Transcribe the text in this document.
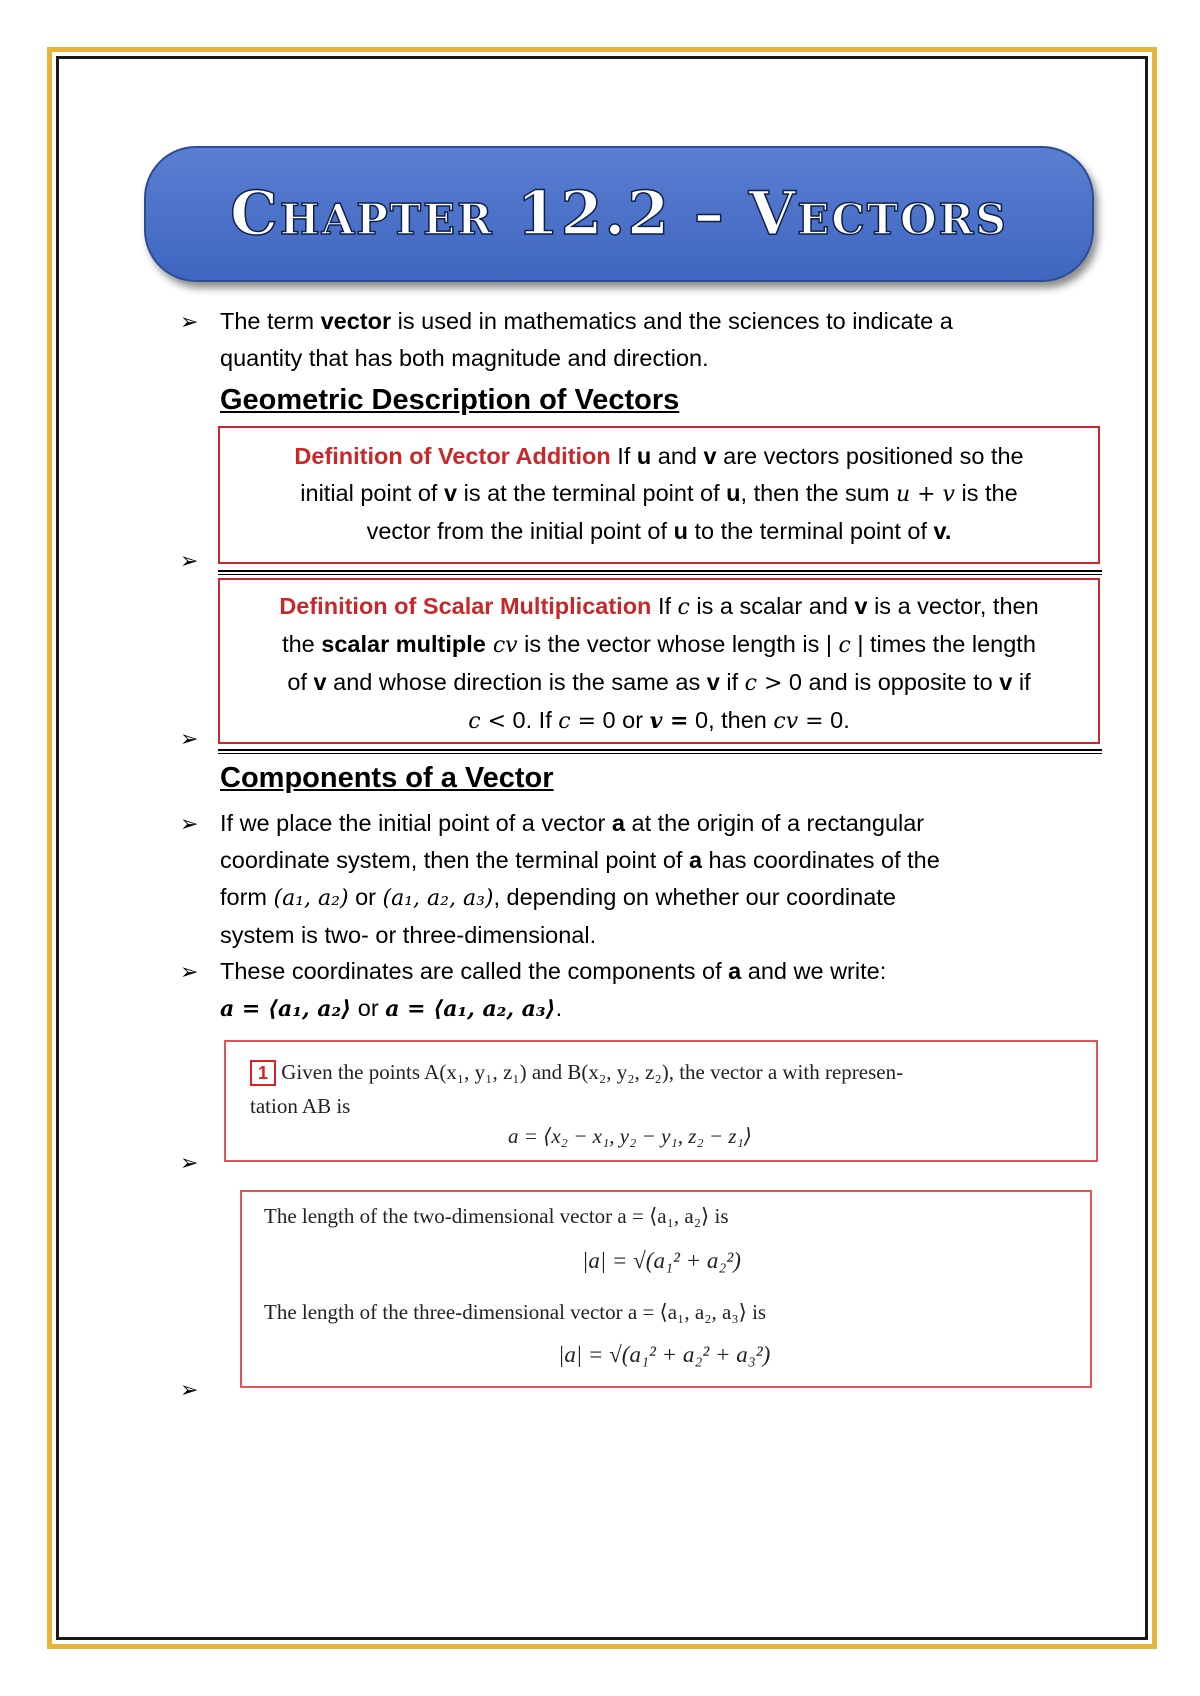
Chapter 12.2 – Vectors
➢ The term vector is used in mathematics and the sciences to indicate a
quantity that has both magnitude and direction.
Geometric Description of Vectors
Definition of Vector Addition If u and v are vectors positioned so the
initial point of v is at the terminal point of u, then the sum u + v is the
vector from the initial point of u to the terminal point of v.
➢
Definition of Scalar Multiplication If c is a scalar and v is a vector, then
the scalar multiple cv is the vector whose length is | c | times the length
of v and whose direction is the same as v if c > 0 and is opposite to v if
c < 0. If c = 0 or v = 0, then cv = 0.
➢
Components of a Vector
➢ If we place the initial point of a vector a at the origin of a rectangular
coordinate system, then the terminal point of a has coordinates of the
form (a₁, a₂) or (a₁, a₂, a₃), depending on whether our coordinate
system is two- or three-dimensional.
➢ These coordinates are called the components of a and we write:
a = ⟨a₁, a₂⟩ or a = ⟨a₁, a₂, a₃⟩.
1 Given the points A(x₁, y₁, z₁) and B(x₂, y₂, z₂), the vector a with represen-
tation AB is
a = ⟨x₂ − x₁, y₂ − y₁, z₂ − z₁⟩
➢
The length of the two-dimensional vector a = ⟨a₁, a₂⟩ is
|a| = √(a₁² + a₂²)
The length of the three-dimensional vector a = ⟨a₁, a₂, a₃⟩ is
|a| = √(a₁² + a₂² + a₃²)
➢
